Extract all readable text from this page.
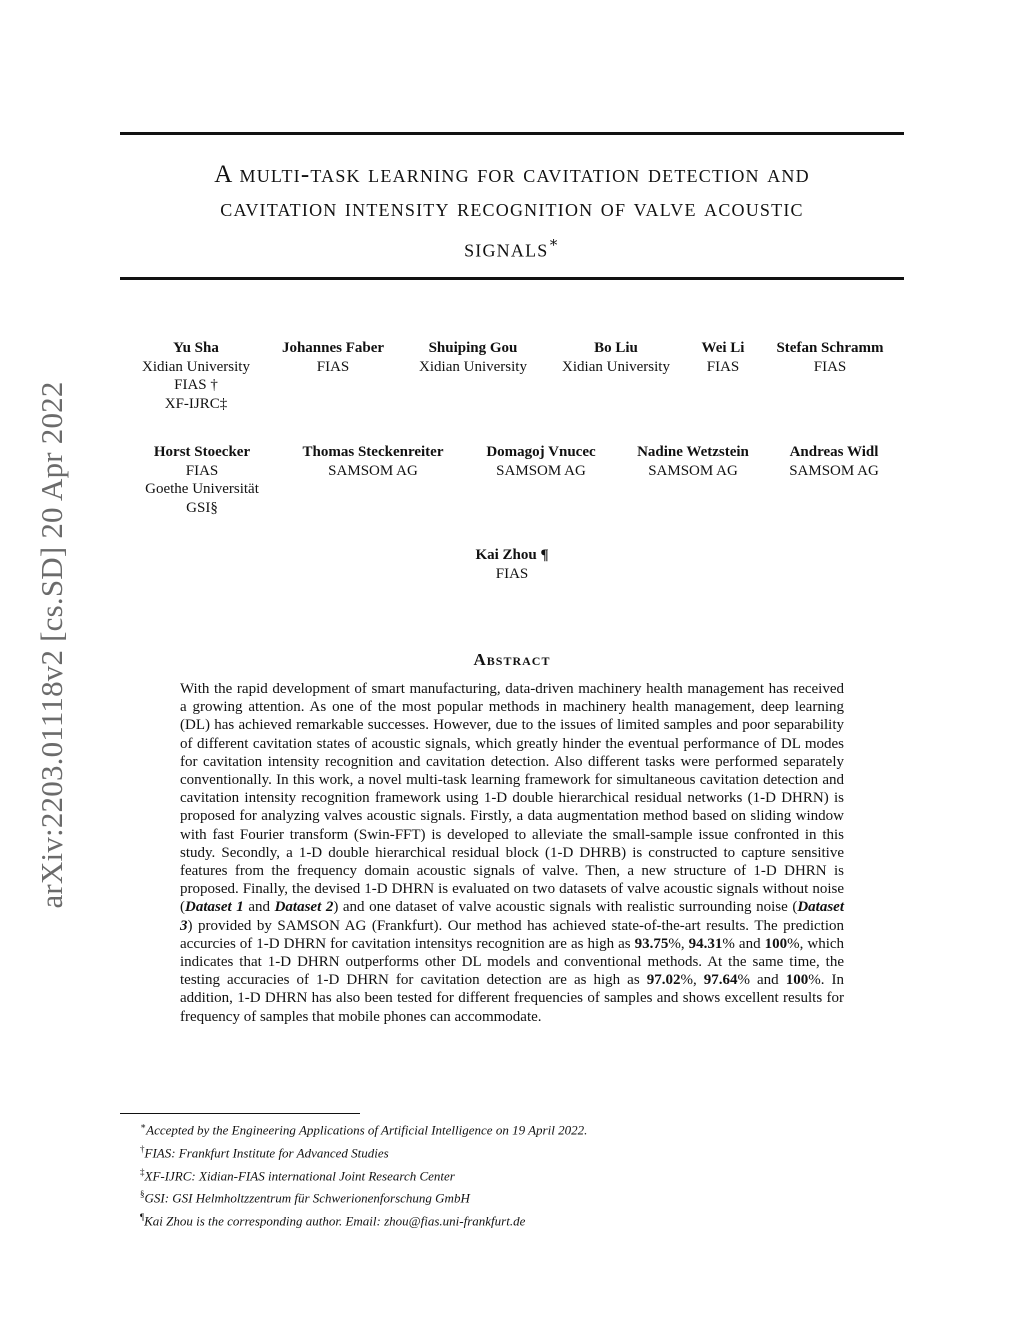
arXiv:2203.01118v2 [cs.SD] 20 Apr 2022
A multi-task learning for cavitation detection and
cavitation intensity recognition of valve acoustic
signals∗
Yu Sha
Xidian University
FIAS †
XF-IJRC‡
Johannes Faber
FIAS
Shuiping Gou
Xidian University
Bo Liu
Xidian University
Wei Li
FIAS
Stefan Schramm
FIAS
Horst Stoecker
FIAS
Goethe Universität
GSI§
Thomas Steckenreiter
SAMSOM AG
Domagoj Vnucec
SAMSOM AG
Nadine Wetzstein
SAMSOM AG
Andreas Widl
SAMSOM AG
Kai Zhou ¶
FIAS
Abstract
With the rapid development of smart manufacturing, data-driven machinery health management has received a growing attention. As one of the most popular methods in machinery health management, deep learning (DL) has achieved remarkable successes. However, due to the issues of limited samples and poor separability of different cavitation states of acoustic signals, which greatly hinder the eventual performance of DL modes for cavitation intensity recognition and cavitation detection. Also different tasks were performed separately conventionally. In this work, a novel multi-task learning framework for simultaneous cavitation detection and cavitation intensity recognition framework using 1-D double hierarchical residual networks (1-D DHRN) is proposed for analyzing valves acoustic signals. Firstly, a data augmentation method based on sliding window with fast Fourier transform (Swin-FFT) is developed to alleviate the small-sample issue confronted in this study. Secondly, a 1-D double hierarchical residual block (1-D DHRB) is constructed to capture sensitive features from the frequency domain acoustic signals of valve. Then, a new structure of 1-D DHRN is proposed. Finally, the devised 1-D DHRN is evaluated on two datasets of valve acoustic signals without noise (Dataset 1 and Dataset 2) and one dataset of valve acoustic signals with realistic surrounding noise (Dataset 3) provided by SAMSON AG (Frankfurt). Our method has achieved state-of-the-art results. The prediction accurcies of 1-D DHRN for cavitation intensitys recognition are as high as 93.75%, 94.31% and 100%, which indicates that 1-D DHRN outperforms other DL models and conventional methods. At the same time, the testing accuracies of 1-D DHRN for cavitation detection are as high as 97.02%, 97.64% and 100%. In addition, 1-D DHRN has also been tested for different frequencies of samples and shows excellent results for frequency of samples that mobile phones can accommodate.
∗Accepted by the Engineering Applications of Artificial Intelligence on 19 April 2022.
†FIAS: Frankfurt Institute for Advanced Studies
‡XF-IJRC: Xidian-FIAS international Joint Research Center
§GSI: GSI Helmholtzzentrum für Schwerionenforschung GmbH
¶Kai Zhou is the corresponding author. Email: zhou@fias.uni-frankfurt.de
